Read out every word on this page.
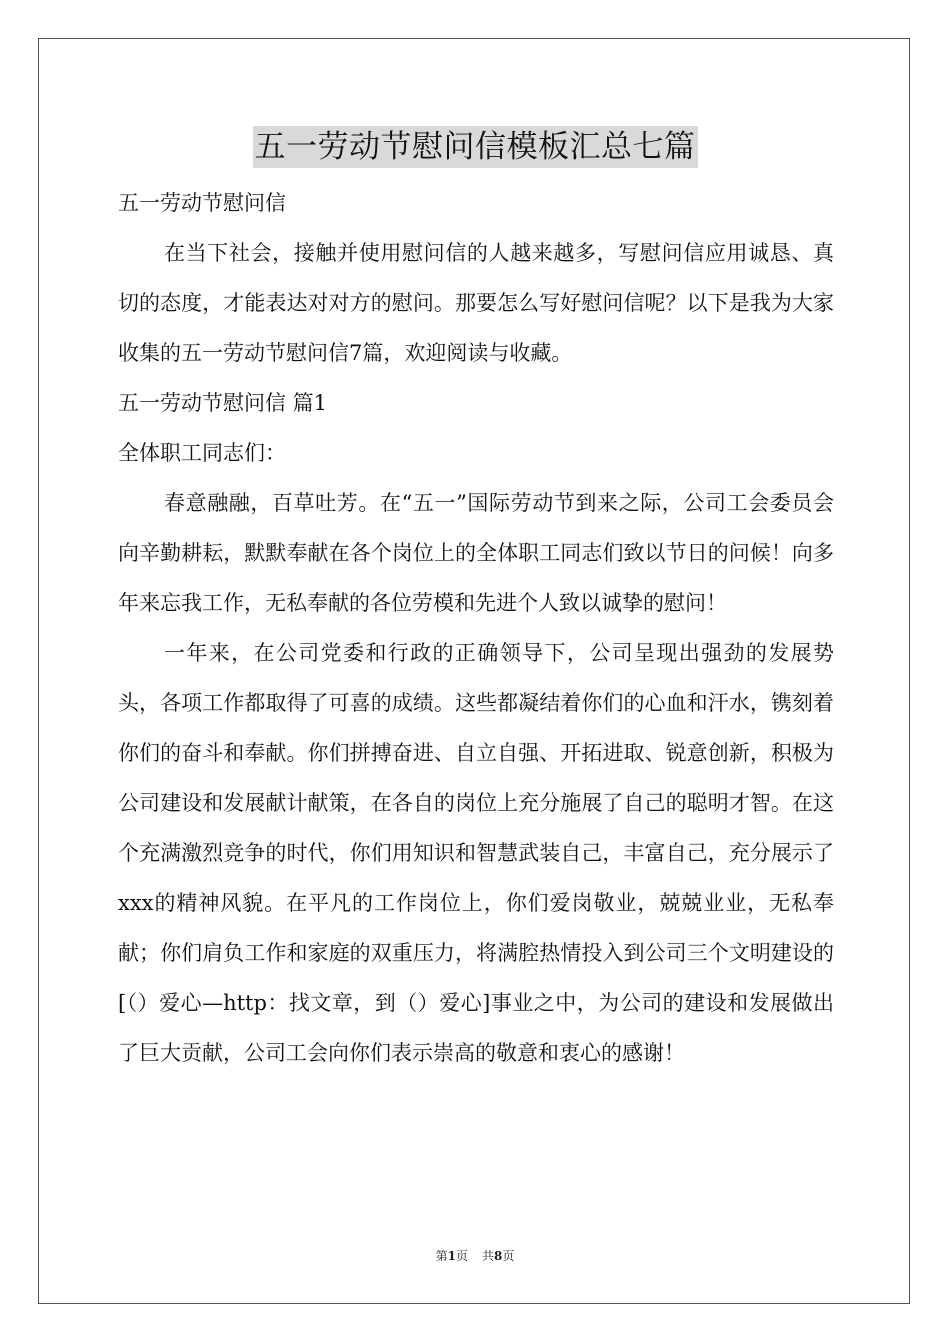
五一劳动节慰问信模板汇总七篇

五一劳动节慰问信

在当下社会，接触并使用慰问信的人越来越多，写慰问信应用诚恳、真切的态度，才能表达对对方的慰问。那要怎么写好慰问信呢？以下是我为大家收集的五一劳动节慰问信7篇，欢迎阅读与收藏。

五一劳动节慰问信 篇1

全体职工同志们：

春意融融，百草吐芳。在“五一”国际劳动节到来之际，公司工会委员会向辛勤耕耘，默默奉献在各个岗位上的全体职工同志们致以节日的问候！向多年来忘我工作，无私奉献的各位劳模和先进个人致以诚挚的慰问！

一年来，在公司党委和行政的正确领导下，公司呈现出强劲的发展势头，各项工作都取得了可喜的成绩。这些都凝结着你们的心血和汗水，镌刻着你们的奋斗和奉献。你们拼搏奋进、自立自强、开拓进取、锐意创新，积极为公司建设和发展献计献策，在各自的岗位上充分施展了自己的聪明才智。在这个充满激烈竞争的时代，你们用知识和智慧武装自己，丰富自己，充分展示了xxx的精神风貌。在平凡的工作岗位上，你们爱岗敬业，兢兢业业，无私奉献；你们肩负工作和家庭的双重压力，将满腔热情投入到公司三个文明建设的[（）爱心—http：找文章，到（）爱心]事业之中，为公司的建设和发展做出了巨大贡献，公司工会向你们表示崇高的敬意和衷心的感谢！

第1页 共8页
